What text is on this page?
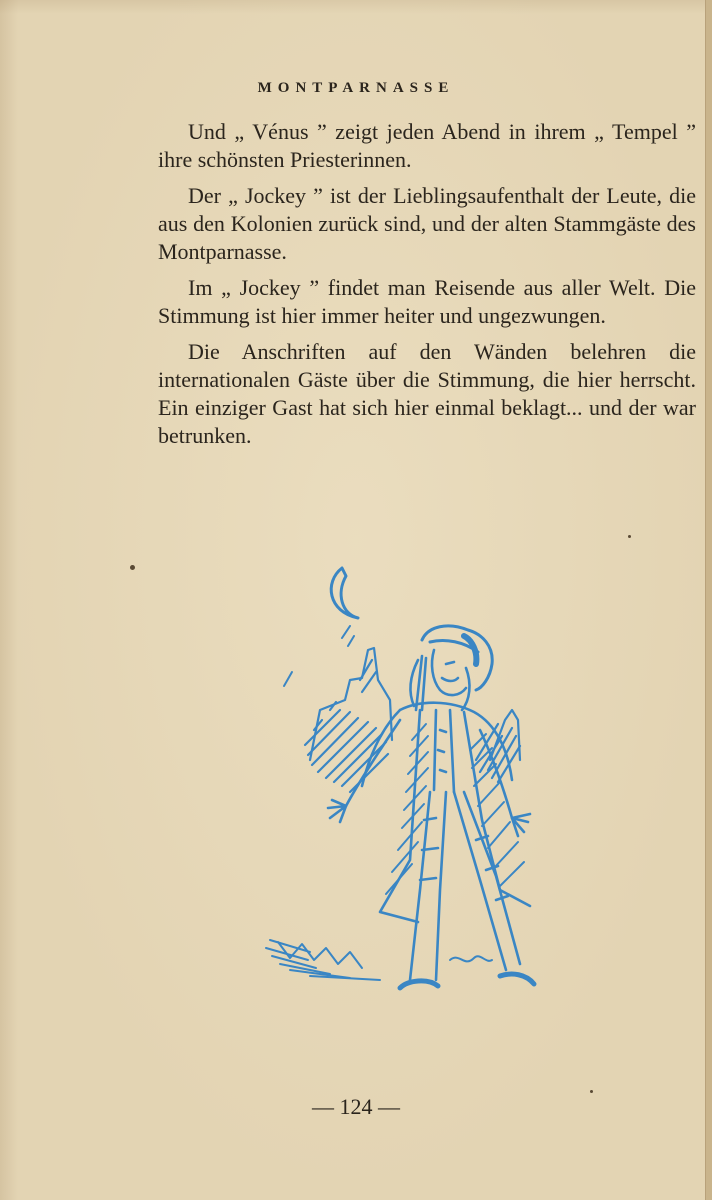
MONTPARNASSE

Und „ Vénus ” zeigt jeden Abend in ihrem „ Tempel ” ihre schönsten Priesterinnen.

Der „ Jockey ” ist der Lieblingsaufenthalt der Leute, die aus den Kolonien zurück sind, und der alten Stammgäste des Montparnasse.

Im „ Jockey ” findet man Reisende aus aller Welt. Die Stimmung ist hier immer heiter und ungezwungen.

Die Anschriften auf den Wänden belehren die internationalen Gäste über die Stimmung, die hier herrscht. Ein einziger Gast hat sich hier einmal beklagt... und der war betrunken.

— 124 —
